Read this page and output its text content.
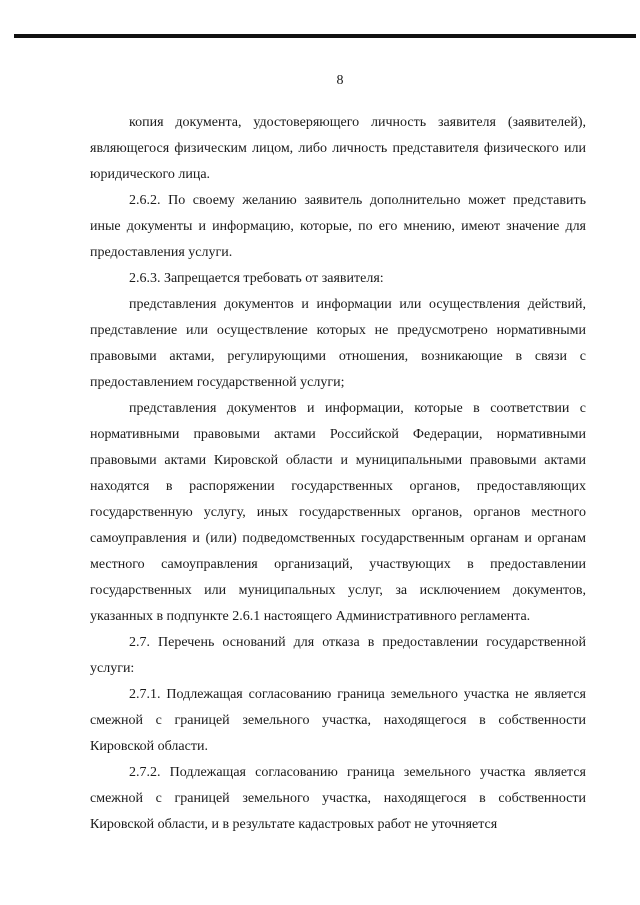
8

копия документа, удостоверяющего личность заявителя (заявителей), являющегося физическим лицом, либо личность представителя физического или юридического лица.

2.6.2. По своему желанию заявитель дополнительно может представить иные документы и информацию, которые, по его мнению, имеют значение для предоставления услуги.

2.6.3. Запрещается требовать от заявителя:

представления документов и информации или осуществления действий, представление или осуществление которых не предусмотрено нормативными правовыми актами, регулирующими отношения, возникающие в связи с предоставлением государственной услуги;

представления документов и информации, которые в соответствии с нормативными правовыми актами Российской Федерации, нормативными правовыми актами Кировской области и муниципальными правовыми актами находятся в распоряжении государственных органов, предоставляющих государственную услугу, иных государственных органов, органов местного самоуправления и (или) подведомственных государственным органам и органам местного самоуправления организаций, участвующих в предоставлении государственных или муниципальных услуг, за исключением документов, указанных в подпункте 2.6.1 настоящего Административного регламента.

2.7. Перечень оснований для отказа в предоставлении государственной услуги:

2.7.1. Подлежащая согласованию граница земельного участка не является смежной с границей земельного участка, находящегося в собственности Кировской области.

2.7.2. Подлежащая согласованию граница земельного участка является смежной с границей земельного участка, находящегося в собственности Кировской области, и в результате кадастровых работ не уточняется
